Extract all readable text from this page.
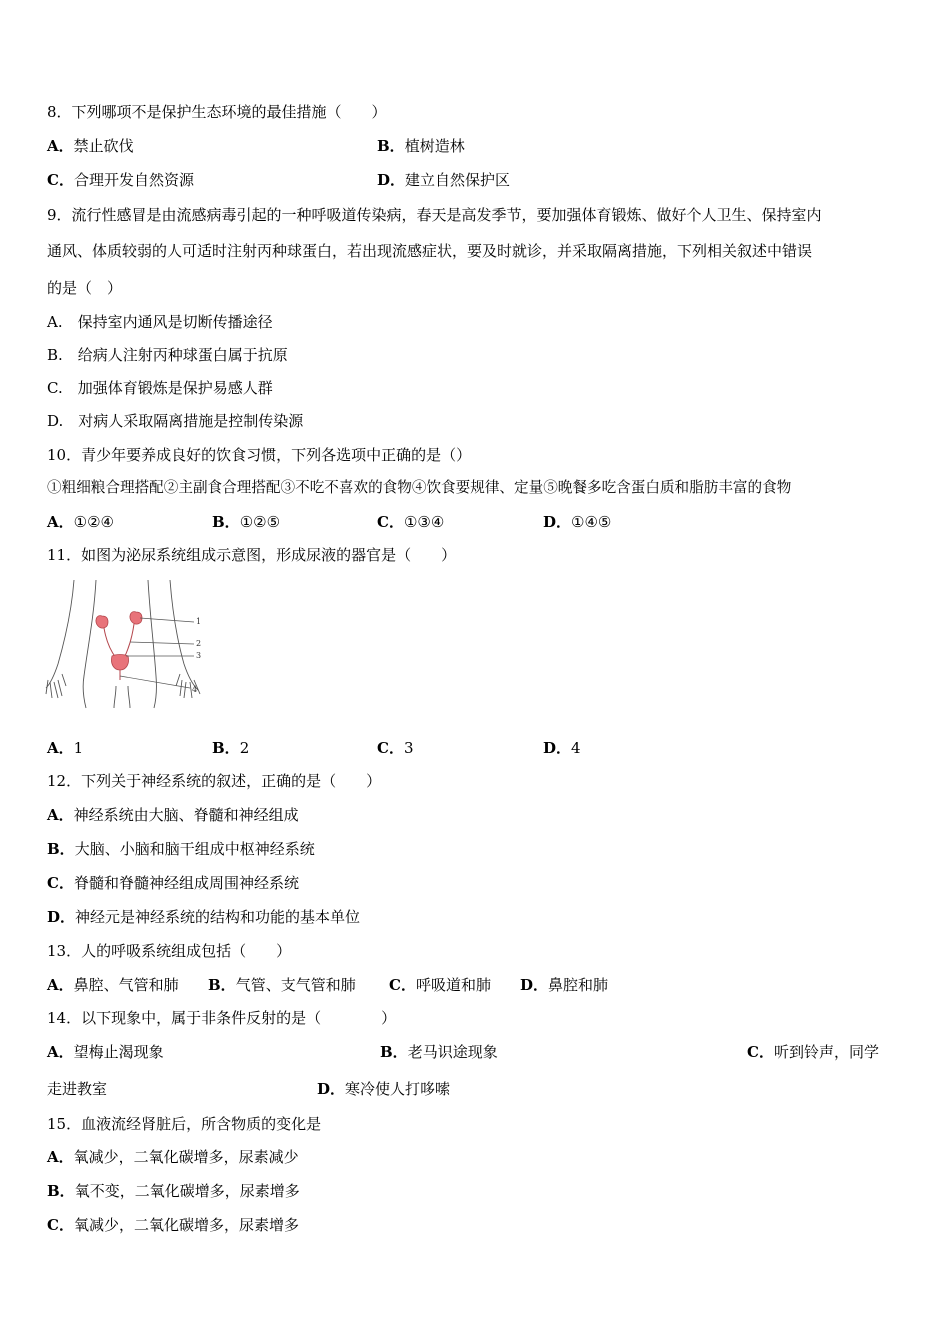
8．下列哪项不是保护生态环境的最佳措施（　　）
A．禁止砍伐	B．植树造林
C．合理开发自然资源	D．建立自然保护区
9．流行性感冒是由流感病毒引起的一种呼吸道传染病，春天是高发季节，要加强体育锻炼、做好个人卫生、保持室内
通风、体质较弱的人可适时注射丙种球蛋白，若出现流感症状，要及时就诊，并采取隔离措施，下列相关叙述中错误
的是（　）
A.　保持室内通风是切断传播途径
B.　给病人注射丙种球蛋白属于抗原
C.　加强体育锻炼是保护易感人群
D.　对病人采取隔离措施是控制传染源
10．青少年要养成良好的饮食习惯，下列各选项中正确的是（）
①粗细粮合理搭配②主副食合理搭配③不吃不喜欢的食物④饮食要规律、定量⑤晚餐多吃含蛋白质和脂肪丰富的食物
A．①②④	B．①②⑤	C．①③④	D．①④⑤
11．如图为泌尿系统组成示意图，形成尿液的器官是（　　）
1
2
3
4
A．1	B．2	C．3	D．4
12．下列关于神经系统的叙述，正确的是（　　）
A．神经系统由大脑、脊髓和神经组成
B．大脑、小脑和脑干组成中枢神经系统
C．脊髓和脊髓神经组成周围神经系统
D．神经元是神经系统的结构和功能的基本单位
13．人的呼吸系统组成包括（　　）
A．鼻腔、气管和肺 B．气管、支气管和肺 C．呼吸道和肺 D．鼻腔和肺
14．以下现象中，属于非条件反射的是（　　　　）
A．望梅止渴现象	B．老马识途现象	C．听到铃声，同学
走进教室	D．寒冷使人打哆嗦
15．血液流经肾脏后，所含物质的变化是
A．氧减少，二氧化碳增多，尿素减少
B．氧不变，二氧化碳增多，尿素增多
C．氧减少，二氧化碳增多，尿素增多
